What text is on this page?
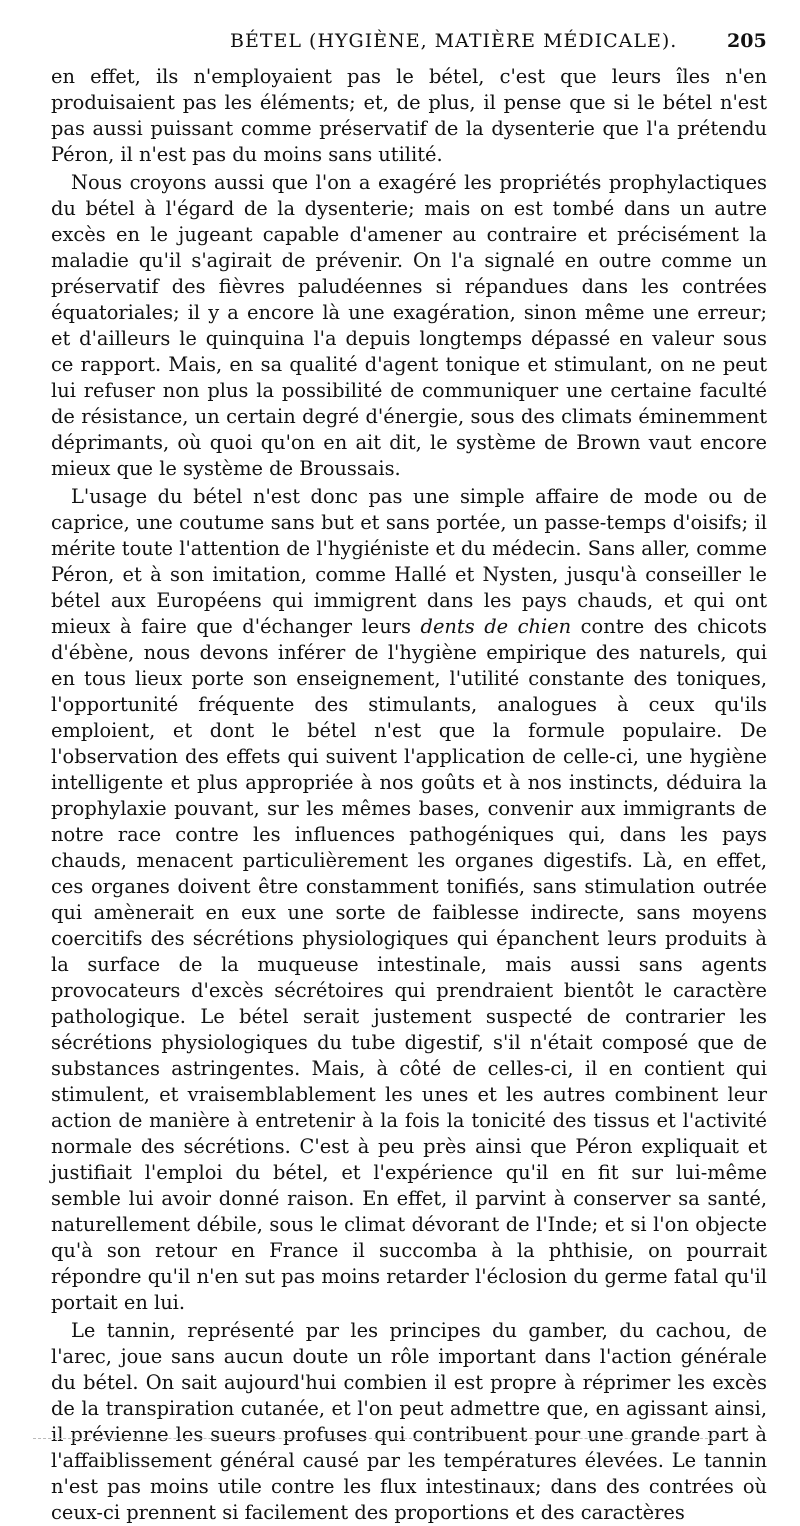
BÉTEL (HYGIÈNE, MATIÈRE MÉDICALE).	205

en effet, ils n'employaient pas le bétel, c'est que leurs îles n'en produisaient pas les éléments; et, de plus, il pense que si le bétel n'est pas aussi puissant comme préservatif de la dysenterie que l'a prétendu Péron, il n'est pas du moins sans utilité.

Nous croyons aussi que l'on a exagéré les propriétés prophylactiques du bétel à l'égard de la dysenterie; mais on est tombé dans un autre excès en le jugeant capable d'amener au contraire et précisément la maladie qu'il s'agirait de prévenir. On l'a signalé en outre comme un préservatif des fièvres paludéennes si répandues dans les contrées équatoriales; il y a encore là une exagération, sinon même une erreur; et d'ailleurs le quinquina l'a depuis longtemps dépassé en valeur sous ce rapport. Mais, en sa qualité d'agent tonique et stimulant, on ne peut lui refuser non plus la possibilité de communiquer une certaine faculté de résistance, un certain degré d'énergie, sous des climats éminemment déprimants, où quoi qu'on en ait dit, le système de Brown vaut encore mieux que le système de Broussais.

L'usage du bétel n'est donc pas une simple affaire de mode ou de caprice, une coutume sans but et sans portée, un passe-temps d'oisifs; il mérite toute l'attention de l'hygiéniste et du médecin. Sans aller, comme Péron, et à son imitation, comme Hallé et Nysten, jusqu'à conseiller le bétel aux Européens qui immigrent dans les pays chauds, et qui ont mieux à faire que d'échanger leurs dents de chien contre des chicots d'ébène, nous devons inférer de l'hygiène empirique des naturels, qui en tous lieux porte son enseignement, l'utilité constante des toniques, l'opportunité fréquente des stimulants, analogues à ceux qu'ils emploient, et dont le bétel n'est que la formule populaire. De l'observation des effets qui suivent l'application de celle-ci, une hygiène intelligente et plus appropriée à nos goûts et à nos instincts, déduira la prophylaxie pouvant, sur les mêmes bases, convenir aux immigrants de notre race contre les influences pathogéniques qui, dans les pays chauds, menacent particulièrement les organes digestifs. Là, en effet, ces organes doivent être constamment tonifiés, sans stimulation outrée qui amènerait en eux une sorte de faiblesse indirecte, sans moyens coercitifs des sécrétions physiologiques qui épanchent leurs produits à la surface de la muqueuse intestinale, mais aussi sans agents provocateurs d'excès sécrétoires qui prendraient bientôt le caractère pathologique. Le bétel serait justement suspecté de contrarier les sécrétions physiologiques du tube digestif, s'il n'était composé que de substances astringentes. Mais, à côté de celles-ci, il en contient qui stimulent, et vraisemblablement les unes et les autres combinent leur action de manière à entretenir à la fois la tonicité des tissus et l'activité normale des sécrétions. C'est à peu près ainsi que Péron expliquait et justifiait l'emploi du bétel, et l'expérience qu'il en fit sur lui-même semble lui avoir donné raison. En effet, il parvint à conserver sa santé, naturellement débile, sous le climat dévorant de l'Inde; et si l'on objecte qu'à son retour en France il succomba à la phthisie, on pourrait répondre qu'il n'en sut pas moins retarder l'éclosion du germe fatal qu'il portait en lui.

Le tannin, représenté par les principes du gamber, du cachou, de l'arec, joue sans aucun doute un rôle important dans l'action générale du bétel. On sait aujourd'hui combien il est propre à réprimer les excès de la transpiration cutanée, et l'on peut admettre que, en agissant ainsi, il prévienne les sueurs profuses qui contribuent pour une grande part à l'affaiblissement général causé par les températures élevées. Le tannin n'est pas moins utile contre les flux intestinaux; dans des contrées où ceux-ci prennent si facilement des proportions et des caractères
